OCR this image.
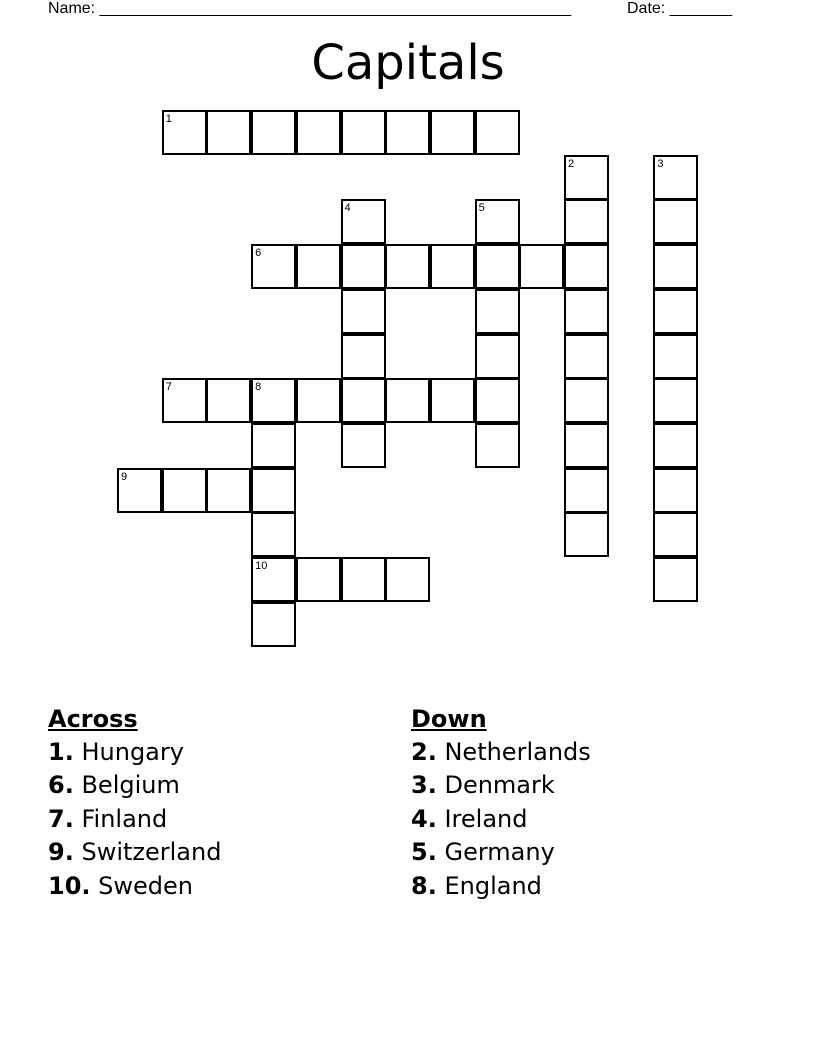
Name: _____________________________________________________	Date: _______
Capitals
1
2	3
4	5
6
7	8
9
10
Across
1. Hungary
6. Belgium
7. Finland
9. Switzerland
10. Sweden
Down
2. Netherlands
3. Denmark
4. Ireland
5. Germany
8. England
